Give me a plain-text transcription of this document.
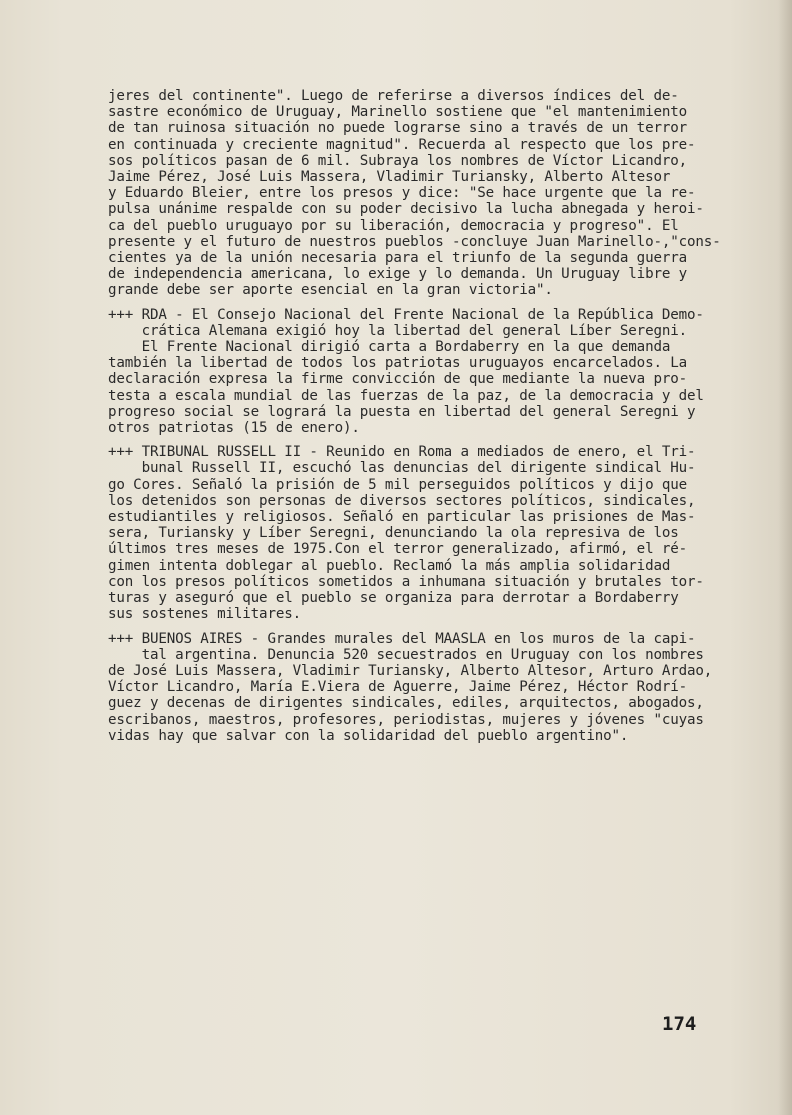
jeres del continente". Luego de referirse a diversos índices del de-
sastre económico de Uruguay, Marinello sostiene que "el mantenimiento
de tan ruinosa situación no puede lograrse sino a través de un terror
en continuada y creciente magnitud". Recuerda al respecto que los pre-
sos políticos pasan de 6 mil. Subraya los nombres de Víctor Licandro,
Jaime Pérez, José Luis Massera, Vladimir Turiansky, Alberto Altesor
y Eduardo Bleier, entre los presos y dice: "Se hace urgente que la re-
pulsa unánime respalde con su poder decisivo la lucha abnegada y heroi-
ca del pueblo uruguayo por su liberación, democracia y progreso". El
presente y el futuro de nuestros pueblos -concluye Juan Marinello-,"cons-
cientes ya de la unión necesaria para el triunfo de la segunda guerra
de independencia americana, lo exige y lo demanda. Un Uruguay libre y
grande debe ser aporte esencial en la gran victoria".
+++ RDA - El Consejo Nacional del Frente Nacional de la República Demo-
crática Alemana exigió hoy la libertad del general Líber Seregni.
El Frente Nacional dirigió carta a Bordaberry en la que demanda
también la libertad de todos los patriotas uruguayos encarcelados. La
declaración expresa la firme convicción de que mediante la nueva pro-
testa a escala mundial de las fuerzas de la paz, de la democracia y del
progreso social se logrará la puesta en libertad del general Seregni y
otros patriotas (15 de enero).
+++ TRIBUNAL RUSSELL II - Reunido en Roma a mediados de enero, el Tri-
bunal Russell II, escuchó las denuncias del dirigente sindical Hu-
go Cores. Señaló la prisión de 5 mil perseguidos políticos y dijo que
los detenidos son personas de diversos sectores políticos, sindicales,
estudiantiles y religiosos. Señaló en particular las prisiones de Mas-
sera, Turiansky y Líber Seregni, denunciando la ola represiva de los
últimos tres meses de 1975.Con el terror generalizado, afirmó, el ré-
gimen intenta doblegar al pueblo. Reclamó la más amplia solidaridad
con los presos políticos sometidos a inhumana situación y brutales tor-
turas y aseguró que el pueblo se organiza para derrotar a Bordaberry
sus sostenes militares.
+++ BUENOS AIRES - Grandes murales del MAASLA en los muros de la capi-
tal argentina. Denuncia 520 secuestrados en Uruguay con los nombres
de José Luis Massera, Vladimir Turiansky, Alberto Altesor, Arturo Ardao,
Víctor Licandro, María E.Viera de Aguerre, Jaime Pérez, Héctor Rodrí-
guez y decenas de dirigentes sindicales, ediles, arquitectos, abogados,
escribanos, maestros, profesores, periodistas, mujeres y jóvenes "cuyas
vidas hay que salvar con la solidaridad del pueblo argentino".
174
